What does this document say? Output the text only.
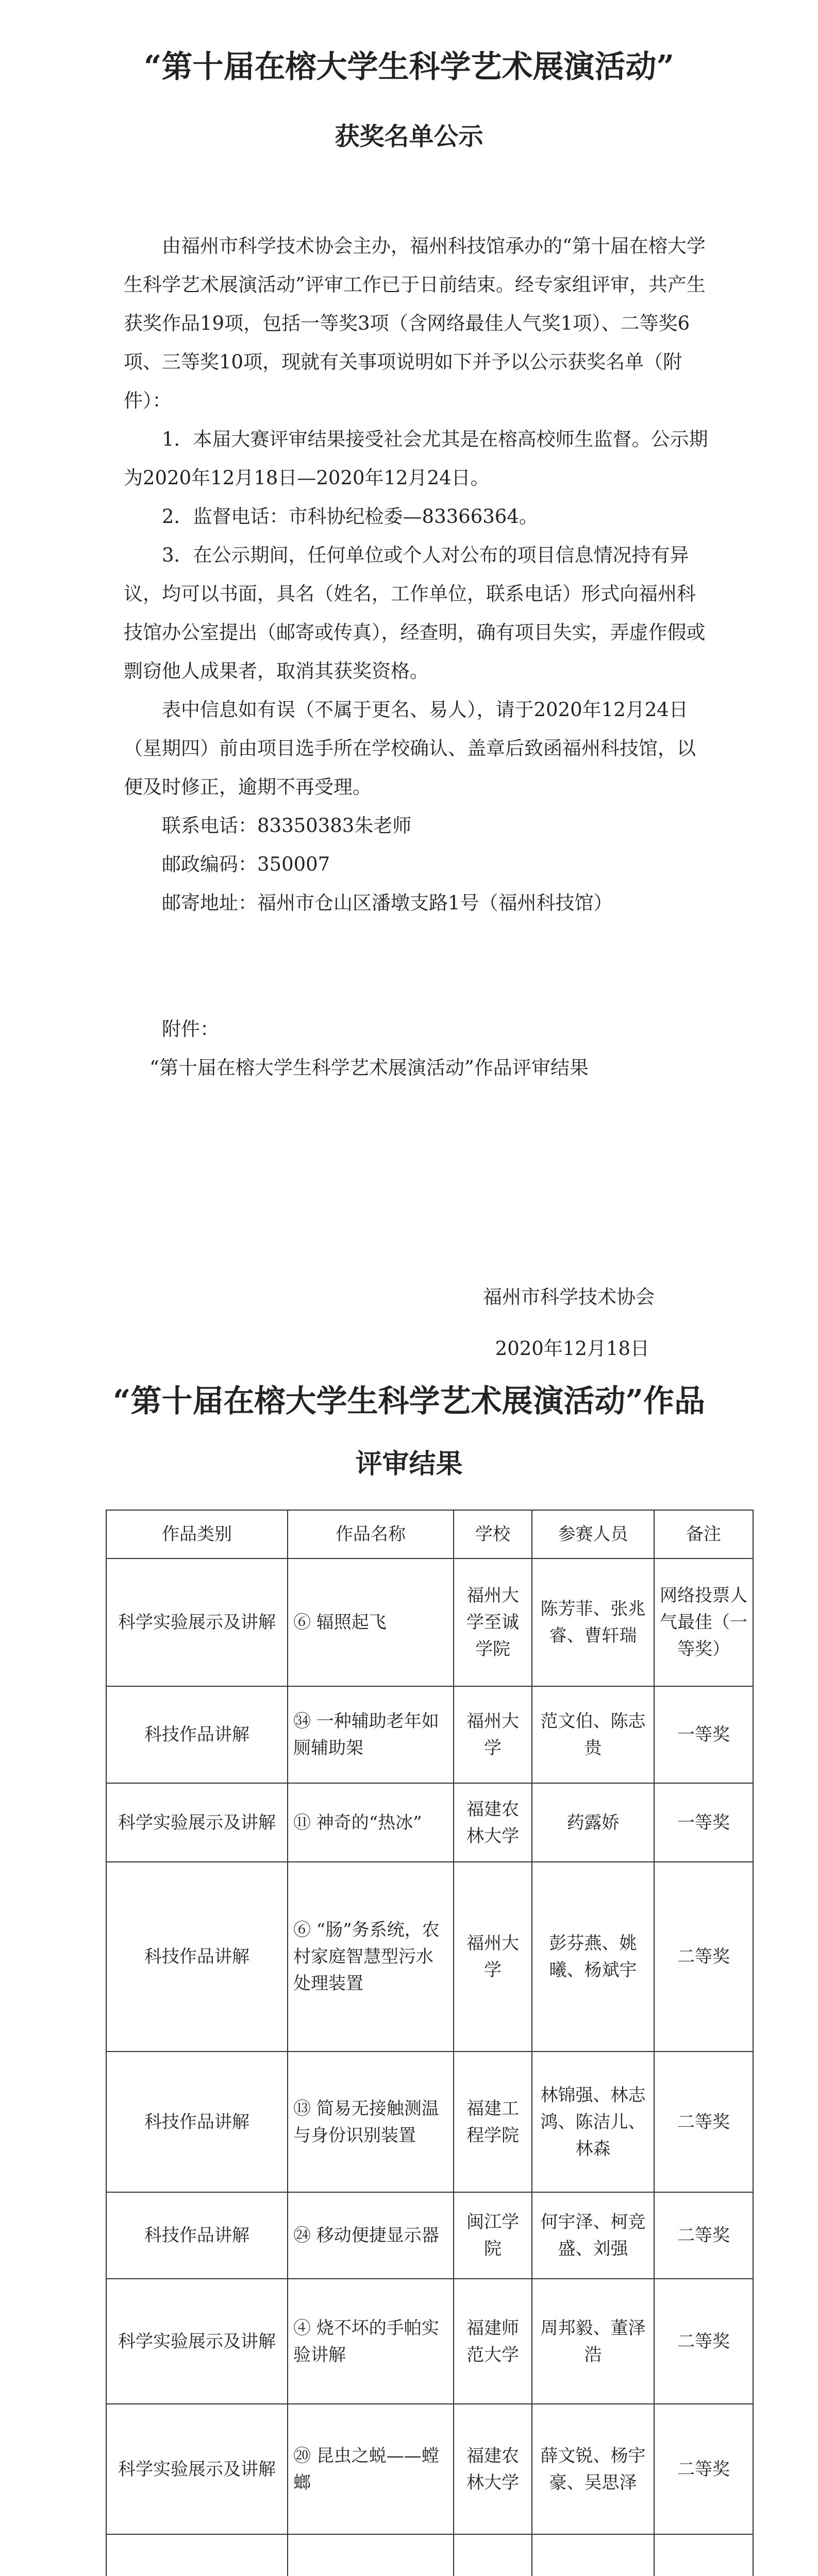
“第十届在榕大学生科学艺术展演活动”
获奖名单公示

由福州市科学技术协会主办，福州科技馆承办的“第十届在榕大学生科学艺术展演活动”评审工作已于日前结束。经专家组评审，共产生获奖作品19项，包括一等奖3项（含网络最佳人气奖1项）、二等奖6项、三等奖10项，现就有关事项说明如下并予以公示获奖名单（附件）：

1．本届大赛评审结果接受社会尤其是在榕高校师生监督。公示期为2020年12月18日—2020年12月24日。

2．监督电话：市科协纪检委—83366364。

3．在公示期间，任何单位或个人对公布的项目信息情况持有异议，均可以书面，具名（姓名，工作单位，联系电话）形式向福州科技馆办公室提出（邮寄或传真），经查明，确有项目失实，弄虚作假或剽窃他人成果者，取消其获奖资格。

表中信息如有误（不属于更名、易人），请于2020年12月24日（星期四）前由项目选手所在学校确认、盖章后致函福州科技馆，以便及时修正，逾期不再受理。

联系电话：83350383朱老师

邮政编码：350007

邮寄地址：福州市仓山区潘墩支路1号（福州科技馆）

附件：

“第十届在榕大学生科学艺术展演活动”作品评审结果

福州市科学技术协会
2020年12月18日
“第十届在榕大学生科学艺术展演活动”作品
评审结果
作品类别	作品名称	学校	参赛人员	备注
科学实验展示及讲解	⑥ 辐照起飞	福州大学至诚学院	陈芳菲、张兆睿、曹轩瑞	网络投票人气最佳（一等奖）
科技作品讲解	㉞ 一种辅助老年如厕辅助架	福州大学	范文伯、陈志贵	一等奖
科学实验展示及讲解	⑪ 神奇的“热冰”	福建农林大学	药露娇	一等奖
科技作品讲解	⑥ “肠”务系统，农村家庭智慧型污水处理装置	福州大学	彭芬燕、姚曦、杨斌宇	二等奖
科技作品讲解	⑬ 简易无接触测温与身份识别装置	福建工程学院	林锦强、林志鸿、陈洁儿、林森	二等奖
科技作品讲解	㉔ 移动便捷显示器	闽江学院	何宇泽、柯竞盛、刘强	二等奖
科学实验展示及讲解	④ 烧不坏的手帕实验讲解	福建师范大学	周邦毅、董泽浩	二等奖
科学实验展示及讲解	⑳ 昆虫之蜕——螳螂	福建农林大学	薛文锐、杨宇豪、吴思泽	二等奖
